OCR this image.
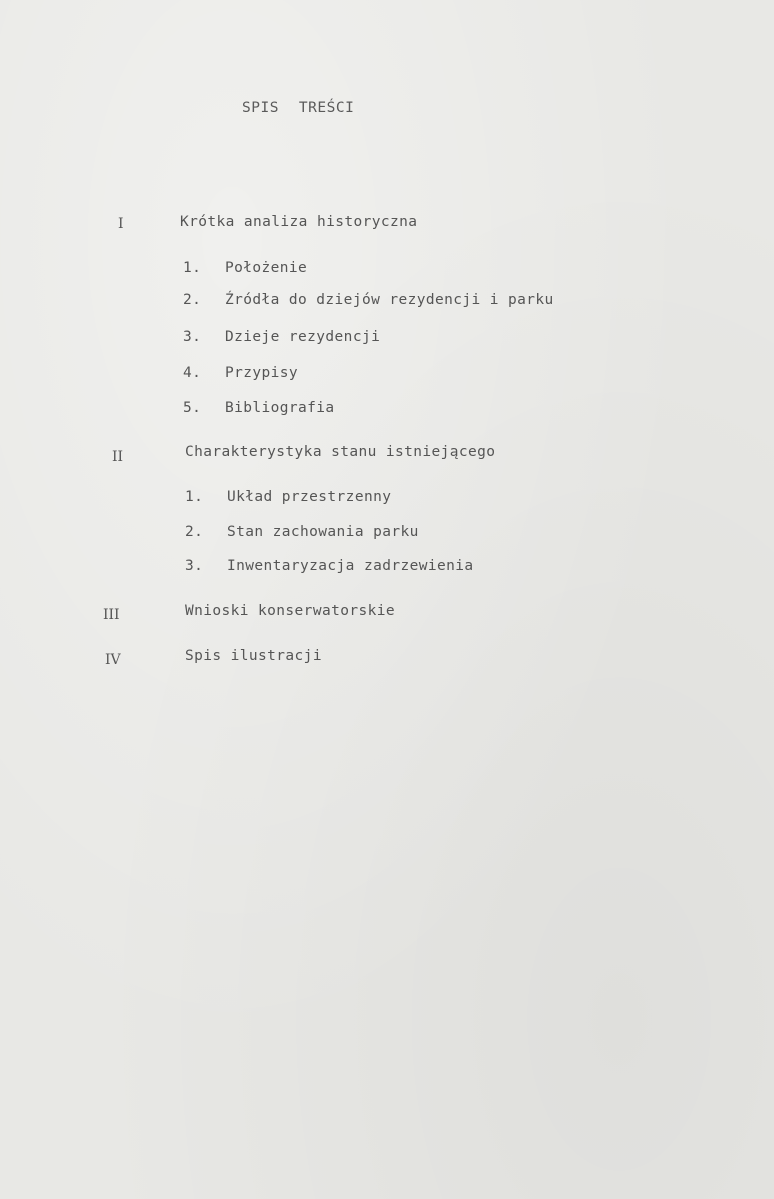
SPIS TREŚCI
I	Krótka analiza historyczna
1. Położenie
2. Źródła do dziejów rezydencji i parku
3. Dzieje rezydencji
4. Przypisy
5. Bibliografia
II	Charakterystyka stanu istniejącego
1. Układ przestrzenny
2. Stan zachowania parku
3. Inwentaryzacja zadrzewienia
III	Wnioski konserwatorskie
IV	Spis ilustracji
